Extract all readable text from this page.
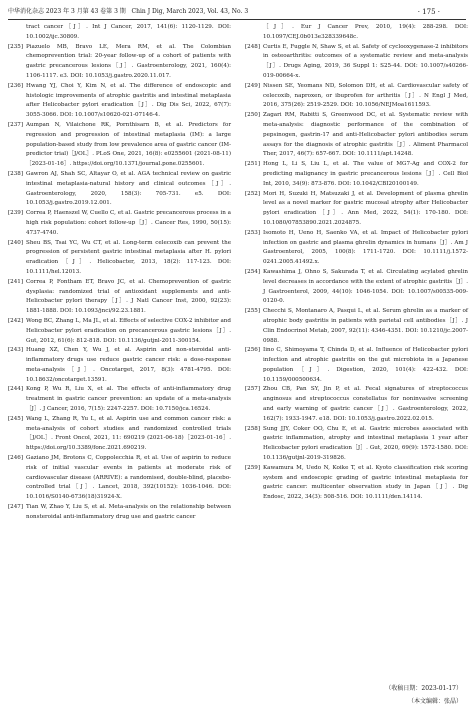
中华消化杂志 2023 年 3 月第 43 卷第 3 期 Chin J Dig, March 2023, Vol. 43, No. 3	· 175 ·
tract cancer［J］. Int J Cancer, 2017, 141(6): 1120-1129. DOI: 10.1002/ijc.30809.
[235] Piazuelo MB, Bravo LE, Mera RM, et al. The Colombian chemoprevention trial: 20-year follow-up of a cohort of patients with gastric precancerous lesions［J］. Gastroenterology, 2021, 160(4): 1106-1117. e3. DOI: 10.1053/j.gastro.2020.11.017.
[236] Hwang YJ, Choi Y, Kim N, et al. The difference of endoscopic and histologic improvements of atrophic gastritis and intestinal metaplasia after Helicobacter pylori eradication［J］. Dig Dis Sci, 2022, 67(7): 3055-3066. DOI: 10.1007/s10620-021-07146-4.
[237] Aumpan N, Vilaichone RK, Pornthisarn B, et al. Predictors for regression and progression of intestinal metaplasia (IM): a large population-based study from low prevalence area of gastric cancer (IM-predictor trial)［J/OL］. PLoS One, 2021, 16(8): e0255601 (2021-08-11)［2023-01-16］. https://doi.org/10.1371/journal.pone.0255601.
[238] Gawron AJ, Shah SC, Altayar O, et al. AGA technical review on gastric intestinal metaplasia-natural history and clinical outcomes［J］. Gastroenterology, 2020, 158(3): 705-731. e5. DOI: 10.1053/j.gastro.2019.12.001.
[239] Correa P, Haenszel W, Cuello C, et al. Gastric precancerous process in a high risk population: cohort follow-up［J］. Cancer Res, 1990, 50(15): 4737-4740.
[240] Sheu BS, Tsai YC, Wu CT, et al. Long-term celecoxib can prevent the progression of persistent gastric intestinal metaplasia after H. pylori eradication［J］. Helicobacter, 2013, 18(2): 117-123. DOI: 10.1111/hel.12013.
[241] Correa P, Fontham ET, Bravo JC, et al. Chemoprevention of gastric dysplasia: randomized trial of antioxidant supplements and anti-Helicobacter pylori therapy［J］. J Natl Cancer Inst, 2000, 92(23): 1881-1888. DOI: 10.1093/jnci/92.23.1881.
[242] Wong BC, Zhang L, Ma JL, et al. Effects of selective COX-2 inhibitor and Helicobacter pylori eradication on precancerous gastric lesions［J］. Gut, 2012, 61(6): 812-818. DOI: 10.1136/gutjnl-2011-300154.
[243] Huang XZ, Chen Y, Wu J, et al. Aspirin and non-steroidal anti-inflammatory drugs use reduce gastric cancer risk: a dose-response meta-analysis［J］. Oncotarget, 2017, 8(3): 4781-4795. DOI: 10.18632/oncotarget.13591.
[244] Kong P, Wu R, Liu X, et al. The effects of anti-inflammatory drug treatment in gastric cancer prevention: an update of a meta-analysis［J］. J Cancer, 2016, 7(15): 2247-2257. DOI: 10.7150/jca.16524.
[245] Wang L, Zhang R, Yu L, et al. Aspirin use and common cancer risk: a meta-analysis of cohort studies and randomized controlled trials［J/OL］. Front Oncol, 2021, 11: 690219 (2021-06-18)［2023-01-16］. https://doi.org/10.3389/fonc.2021.690219.
[246] Gaziano JM, Brotons C, Coppolecchia R, et al. Use of aspirin to reduce risk of initial vascular events in patients at moderate risk of cardiovascular disease (ARRIVE): a randomised, double-blind, placebo-controlled trial［J］. Lancet, 2018, 392(10152): 1036-1046. DOI: 10.1016/S0140-6736(18)31924-X.
[247] Tian W, Zhao Y, Liu S, et al. Meta-analysis on the relationship between nonsteroidal anti-inflammatory drug use and gastric cancer
［J］. Eur J Cancer Prev, 2010, 19(4): 288-298. DOI: 10.1097/CEJ.0b013e328339648c.
[248] Curtis E, Fuggle N, Shaw S, et al. Safety of cyclooxygenase-2 inhibitors in osteoarthritis: outcomes of a systematic review and meta-analysis［J］. Drugs Aging, 2019, 36 Suppl 1: S25-44. DOI: 10.1007/s40266-019-00664-x.
[249] Nissen SE, Yeomans ND, Solomon DH, et al. Cardiovascular safety of celecoxib, naproxen, or ibuprofen for arthritis［J］. N Engl J Med, 2016, 375(26): 2519-2529. DOI: 10.1056/NEJMoa1611593.
[250] Zagari RM, Rabitti S, Greenwood DC, et al. Systematic review with meta-analysis: diagnostic performance of the combination of pepsinogen, gastrin-17 and anti-Helicobacter pylori antibodies serum assays for the diagnosis of atrophic gastritis［J］. Aliment Pharmacol Ther, 2017, 46(7): 657-667. DOI: 10.1111/apt.14248.
[251] Hong L, Li S, Liu L, et al. The value of MG7-Ag and COX-2 for predicting malignancy in gastric precancerous lesions［J］. Cell Biol Int, 2010, 34(9): 873-876. DOI: 10.1042/CBI20100149.
[252] Mori H, Suzuki H, Matsuzaki J, et al. Development of plasma ghrelin level as a novel marker for gastric mucosal atrophy after Helicobacter pylori eradication［J］. Ann Med, 2022, 54(1): 170-180. DOI: 10.1080/07853890.2021.2024875.
[253] Isomoto H, Ueno H, Saenko VA, et al. Impact of Helicobacter pylori infection on gastric and plasma ghrelin dynamics in humans［J］. Am J Gastroenterol, 2005, 100(8): 1711-1720. DOI: 10.1111/j.1572-0241.2005.41492.x.
[254] Kawashima J, Ohno S, Sakurada T, et al. Circulating acylated ghrelin level decreases in accordance with the extent of atrophic gastritis［J］. J Gastroenterol, 2009, 44(10): 1046-1054. DOI: 10.1007/s00535-009-0120-0.
[255] Checchi S, Montanaro A, Pasqui L, et al. Serum ghrelin as a marker of atrophic body gastritis in patients with parietal cell antibodies［J］. J Clin Endocrinol Metab, 2007, 92(11): 4346-4351. DOI: 10.1210/jc.2007-0988.
[256] Iino C, Shimoyama T, Chinda D, et al. Influence of Helicobacter pylori infection and atrophic gastritis on the gut microbiota in a Japanese population［J］. Digestion, 2020, 101(4): 422-432. DOI: 10.1159/000500634.
[257] Zhou CB, Pan SY, Jin P, et al. Fecal signatures of streptococcus anginosus and streptococcus constellatus for noninvasive screening and early warning of gastric cancer［J］. Gastroenterology, 2022, 162(7): 1933-1947. e18. DOI: 10.1053/j.gastro.2022.02.015.
[258] Sung JJY, Coker OO, Chu E, et al. Gastric microbes associated with gastric inflammation, atrophy and intestinal metaplasia 1 year after Helicobacter pylori eradication［J］. Gut, 2020, 69(9): 1572-1580. DOI: 10.1136/gutjnl-2019-319826.
[259] Kawamura M, Uedo N, Koike T, et al. Kyoto classification risk scoring system and endoscopic grading of gastric intestinal metaplasia for gastric cancer: multicenter observation study in Japan［J］. Dig Endosc, 2022, 34(3): 508-516. DOI: 10.1111/den.14114.
（收稿日期：2023-01-17）
（本文编辑：张晶）
